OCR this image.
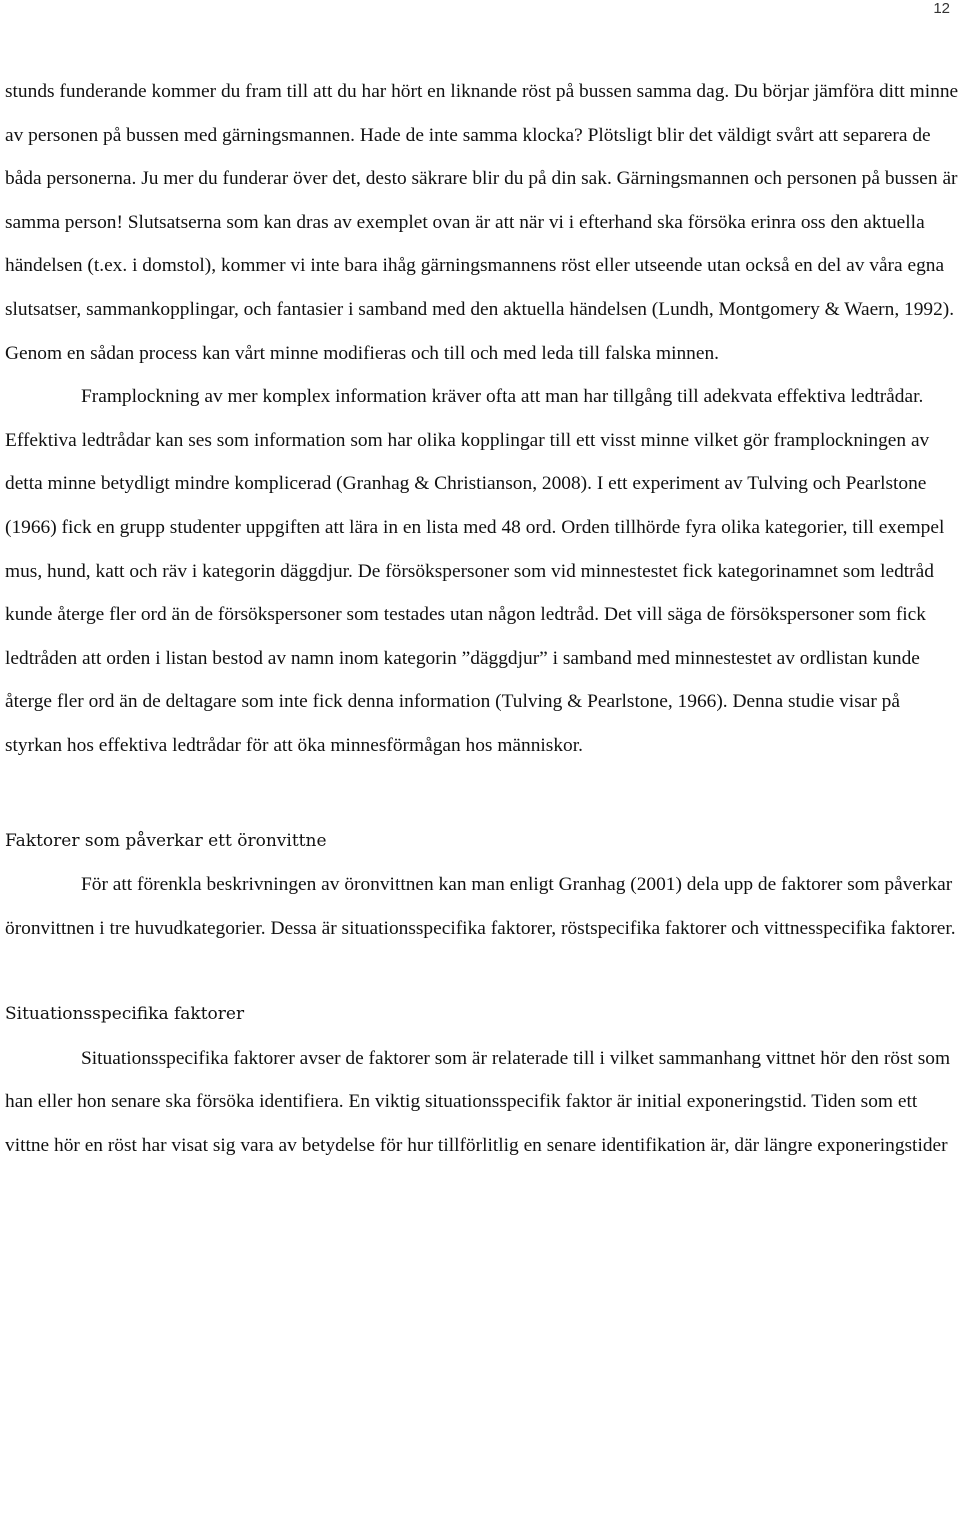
12

stunds funderande kommer du fram till att du har hört en liknande röst på bussen samma dag. Du börjar jämföra ditt minne av personen på bussen med gärningsmannen. Hade de inte samma klocka? Plötsligt blir det väldigt svårt att separera de båda personerna. Ju mer du funderar över det, desto säkrare blir du på din sak. Gärningsmannen och personen på bussen är samma person! Slutsatserna som kan dras av exemplet ovan är att när vi i efterhand ska försöka erinra oss den aktuella händelsen (t.ex. i domstol), kommer vi inte bara ihåg gärningsmannens röst eller utseende utan också en del av våra egna slutsatser, sammankopplingar, och fantasier i samband med den aktuella händelsen (Lundh, Montgomery & Waern, 1992). Genom en sådan process kan vårt minne modifieras och till och med leda till falska minnen.

Framplockning av mer komplex information kräver ofta att man har tillgång till adekvata effektiva ledtrådar. Effektiva ledtrådar kan ses som information som har olika kopplingar till ett visst minne vilket gör framplockningen av detta minne betydligt mindre komplicerad (Granhag & Christianson, 2008). I ett experiment av Tulving och Pearlstone (1966) fick en grupp studenter uppgiften att lära in en lista med 48 ord. Orden tillhörde fyra olika kategorier, till exempel mus, hund, katt och räv i kategorin däggdjur. De försökspersoner som vid minnestestet fick kategorinamnet som ledtråd kunde återge fler ord än de försökspersoner som testades utan någon ledtråd. Det vill säga de försökspersoner som fick ledtråden att orden i listan bestod av namn inom kategorin ”däggdjur” i samband med minnestestet av ordlistan kunde återge fler ord än de deltagare som inte fick denna information (Tulving & Pearlstone, 1966). Denna studie visar på styrkan hos effektiva ledtrådar för att öka minnesförmågan hos människor.

Faktorer som påverkar ett öronvittne

För att förenkla beskrivningen av öronvittnen kan man enligt Granhag (2001) dela upp de faktorer som påverkar öronvittnen i tre huvudkategorier. Dessa är situationsspecifika faktorer, röstspecifika faktorer och vittnesspecifika faktorer.

Situationsspecifika faktorer

Situationsspecifika faktorer avser de faktorer som är relaterade till i vilket sammanhang vittnet hör den röst som han eller hon senare ska försöka identifiera. En viktig situationsspecifik faktor är initial exponeringstid. Tiden som ett vittne hör en röst har visat sig vara av betydelse för hur tillförlitlig en senare identifikation är, där längre exponeringstider
